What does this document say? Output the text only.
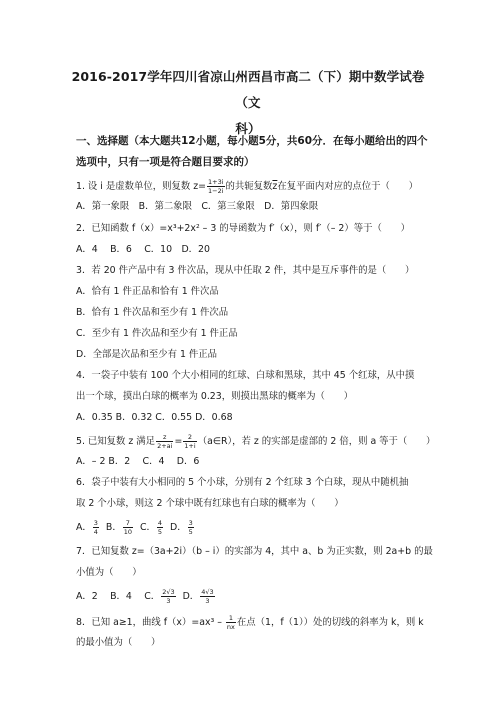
2016-2017学年四川省凉山州西昌市高二（下）期中数学试卷（文
科）
一、选择题（本大题共12小题，每小题5分，共60分．在每小题给出的四个
选项中，只有一项是符合题目要求的）
1. 设 i 是虚数单位，则复数 $z= \frac{1+3i}{1-2i}$ 的共轭复数$\overline{z}$在复平面内对应的点位于（　　）
A．第一象限　B．第二象限　C．第三象限　D．第四象限
2．已知函数 f（x）=x³+2x² – 3 的导函数为 f′（x），则 f′（– 2）等于（　　）
A．4　 B．6　 C．10　D．20
3．若 20 件产品中有 3 件次品，现从中任取 2 件，其中是互斥事件的是（　　）
A．恰有 1 件正品和恰有 1 件次品
B．恰有 1 件次品和至少有 1 件次品
C．至少有 1 件次品和至少有 1 件正品
D．全部是次品和至少有 1 件正品
4．一袋子中装有 100 个大小相同的红球、白球和黑球，其中 45 个红球，从中摸
出一个球，摸出白球的概率为 0.23，则摸出黑球的概率为（　　）
A．0.35 B．0.32 C．0.55 D．0.68
5. 已知复数 z 满足 $\frac{z}{2+ai} = \frac{2}{1+i}$ （a∈R），若 z 的实部是虚部的 2 倍，则 a 等于（　　）
A．– 2 B．2　 C．4　 D．6
6．袋子中装有大小相同的 5 个小球，分别有 2 个红球 3 个白球，现从中随机抽
取 2 个小球，则这 2 个球中既有红球也有白球的概率为（　　）
A． $\frac{3}{4}$ B． $\frac{7}{10}$ C． $\frac{4}{5}$ D． $\frac{3}{5}$
7．已知复数 z=（3a+2i）（b – i）的实部为 4，其中 a、b 为正实数，则 2a+b 的最
小值为（　　）
A．2　 B．4　 C． $\frac{2√3}{3}$ D． $\frac{4√3}{3}$
8．已知 a≥1，曲线 $f(x)=ax^3 - \frac{1}{nx}$ 在点（1，f（1））处的切线的斜率为 k，则 k
的最小值为（　　）
